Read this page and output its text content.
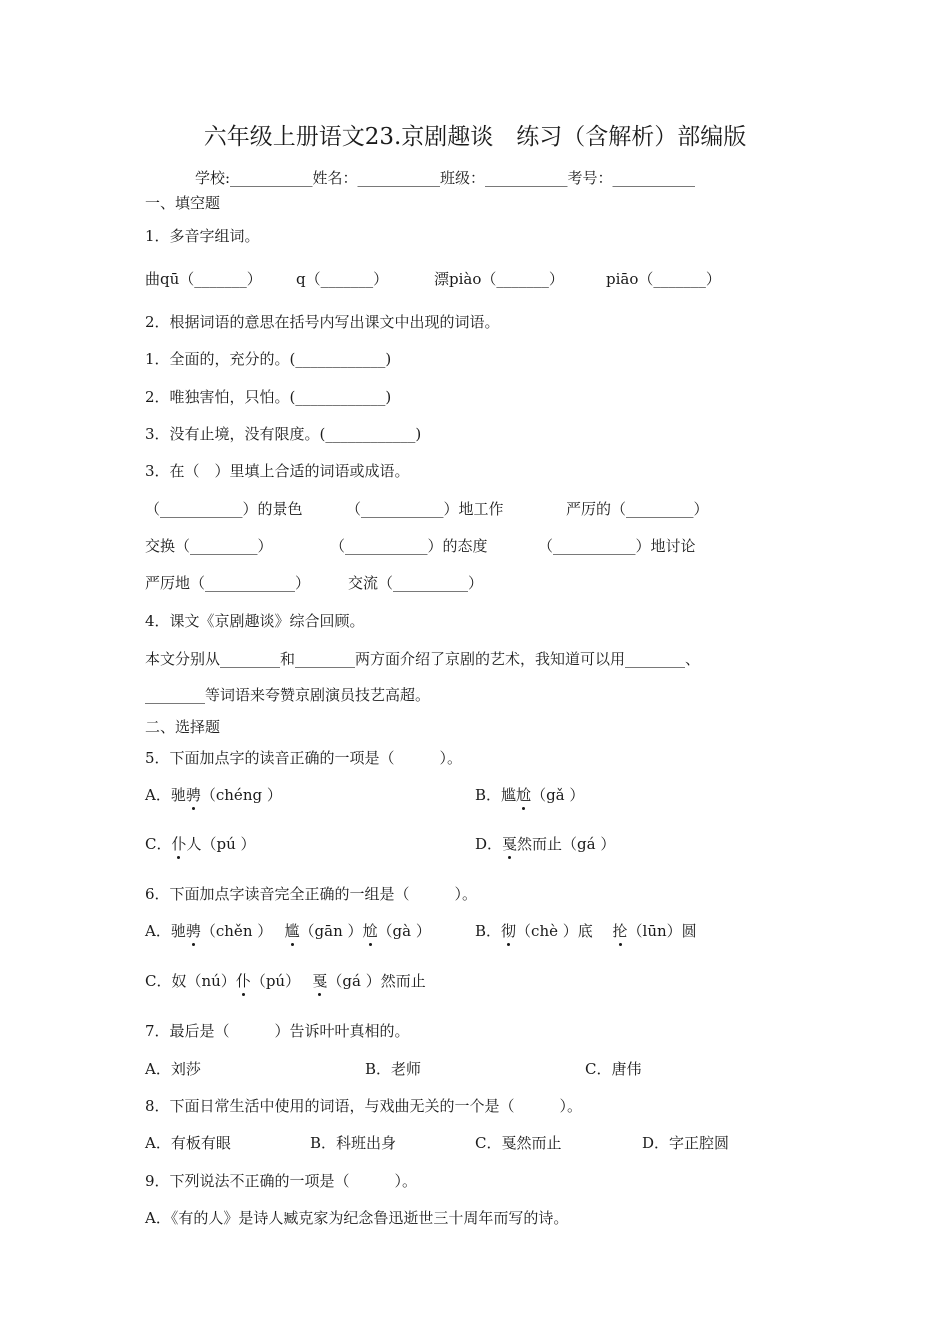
六年级上册语文23.京剧趣谈　练习（含解析）部编版
学校:___________姓名：___________班级：___________考号：___________
一、填空题
1．多音字组词。
曲qū（_______） q（_______）	漂piào（_______）	piāo（_______）
2．根据词语的意思在括号内写出课文中出现的词语。
1．全面的，充分的。(____________)
2．唯独害怕，只怕。(____________)
3．没有止境，没有限度。(____________)
3．在（　）里填上合适的词语或成语。
（___________）的景色	（___________）地工作	严厉的（_________）
交换（_________）	（___________）的态度	（___________）地讨论
严厉地（____________）	交流（__________）
4．课文《京剧趣谈》综合回顾。
本文分别从________和________两方面介绍了京剧的艺术，我知道可以用________、
________等词语来夸赞京剧演员技艺高超。
二、选择题
5．下面加点字的读音正确的一项是（　　　）。
A．驰骋（chéng ）	B．尴尬（gǎ ）
C．仆人（pú ）	D．戛然而止（gá ）
6．下面加点字读音完全正确的一组是（　　　）。
A．驰骋（chěn ）　 尴（gān ）尬（gà ）	B．彻（chè ）底　 抡（lūn）圆
C．奴（nú）仆（pú）　 戛（gá ）然而止
7．最后是（　　　）告诉叶叶真相的。
A．刘莎	B．老师	C．唐伟
8．下面日常生活中使用的词语，与戏曲无关的一个是（　　　）。
A．有板有眼	B．科班出身	C．戛然而止	D．字正腔圆
9．下列说法不正确的一项是（　　　）。
A．《有的人》是诗人臧克家为纪念鲁迅逝世三十周年而写的诗。
